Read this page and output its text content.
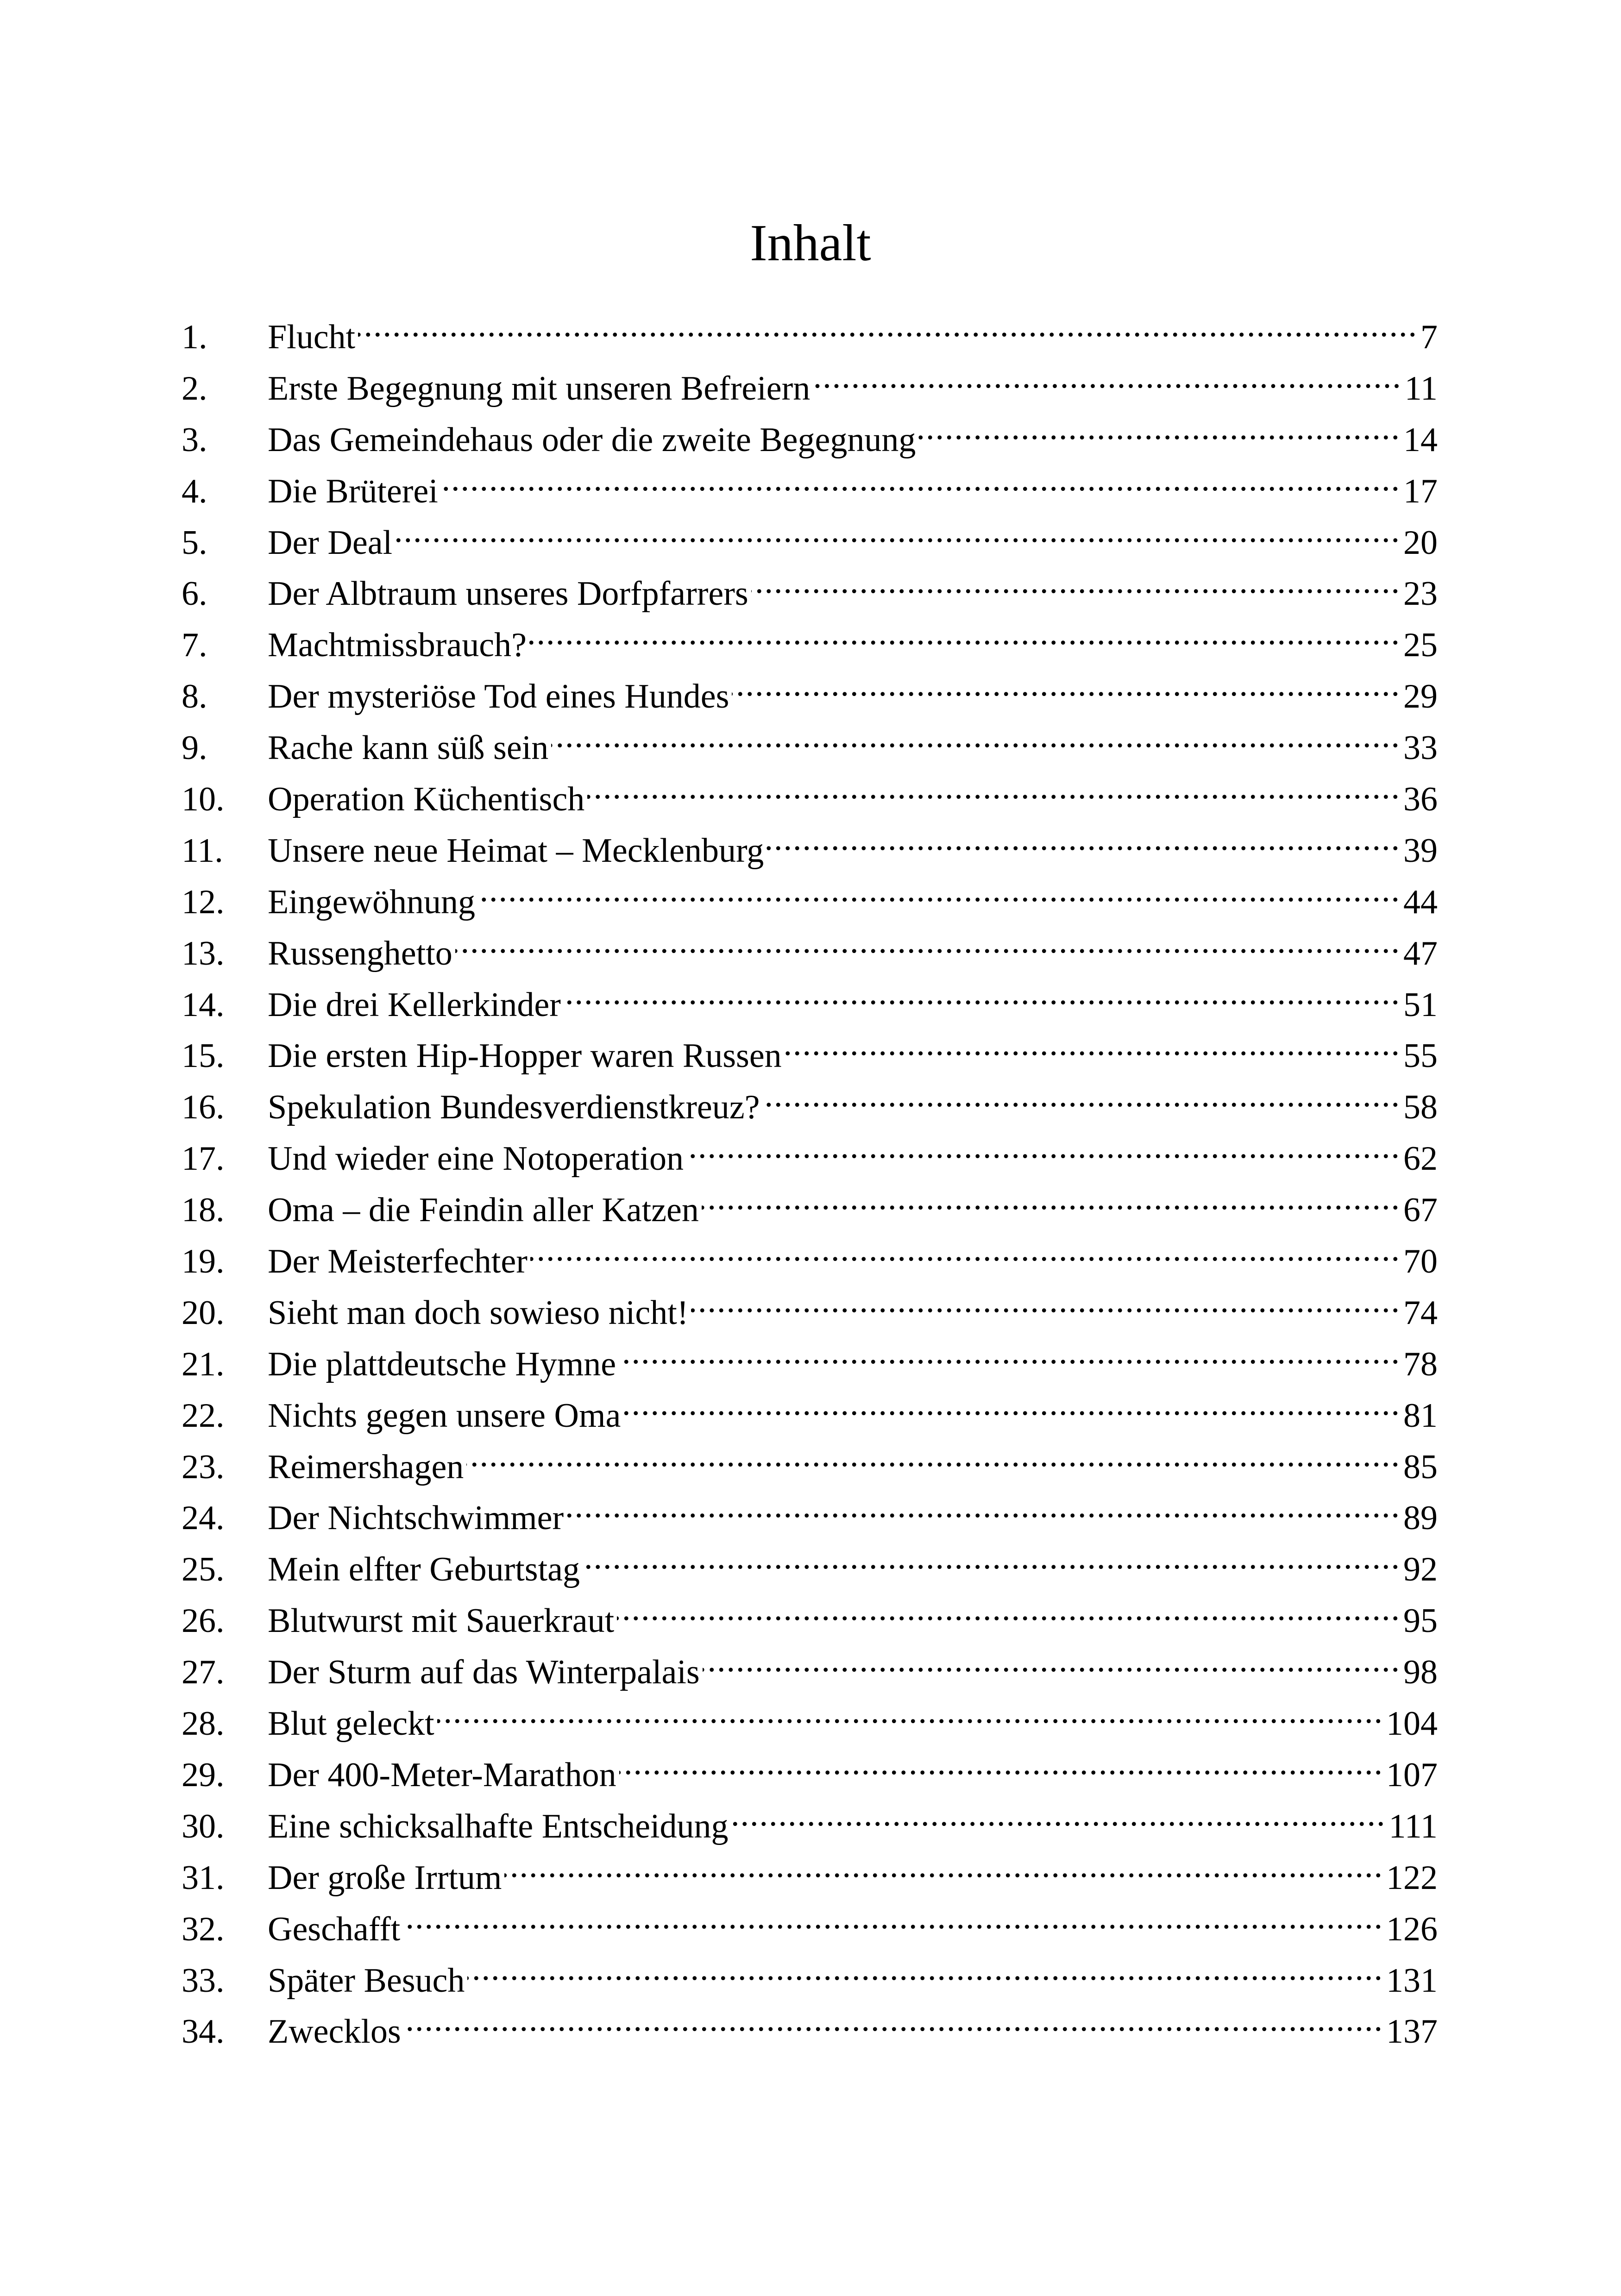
Inhalt
1.	Flucht .....	7
2.	Erste Begegnung mit unseren Befreiern .....	11
3.	Das Gemeindehaus oder die zweite Begegnung .....	14
4.	Die Brüterei .....	17
5.	Der Deal .....	20
6.	Der Albtraum unseres Dorfpfarrers .....	23
7.	Machtmissbrauch? .....	25
8.	Der mysteriöse Tod eines Hundes .....	29
9.	Rache kann süß sein .....	33
10.	Operation Küchentisch .....	36
11.	Unsere neue Heimat – Mecklenburg .....	39
12.	Eingewöhnung .....	44
13.	Russenghetto .....	47
14.	Die drei Kellerkinder .....	51
15.	Die ersten Hip-Hopper waren Russen .....	55
16.	Spekulation Bundesverdienstkreuz? .....	58
17.	Und wieder eine Notoperation .....	62
18.	Oma – die Feindin aller Katzen .....	67
19.	Der Meisterfechter .....	70
20.	Sieht man doch sowieso nicht! .....	74
21.	Die plattdeutsche Hymne .....	78
22.	Nichts gegen unsere Oma .....	81
23.	Reimershagen .....	85
24.	Der Nichtschwimmer .....	89
25.	Mein elfter Geburtstag .....	92
26.	Blutwurst mit Sauerkraut .....	95
27.	Der Sturm auf das Winterpalais .....	98
28.	Blut geleckt .....	104
29.	Der 400-Meter-Marathon .....	107
30.	Eine schicksalhafte Entscheidung .....	111
31.	Der große Irrtum .....	122
32.	Geschafft .....	126
33.	Später Besuch .....	131
34.	Zwecklos .....	137
